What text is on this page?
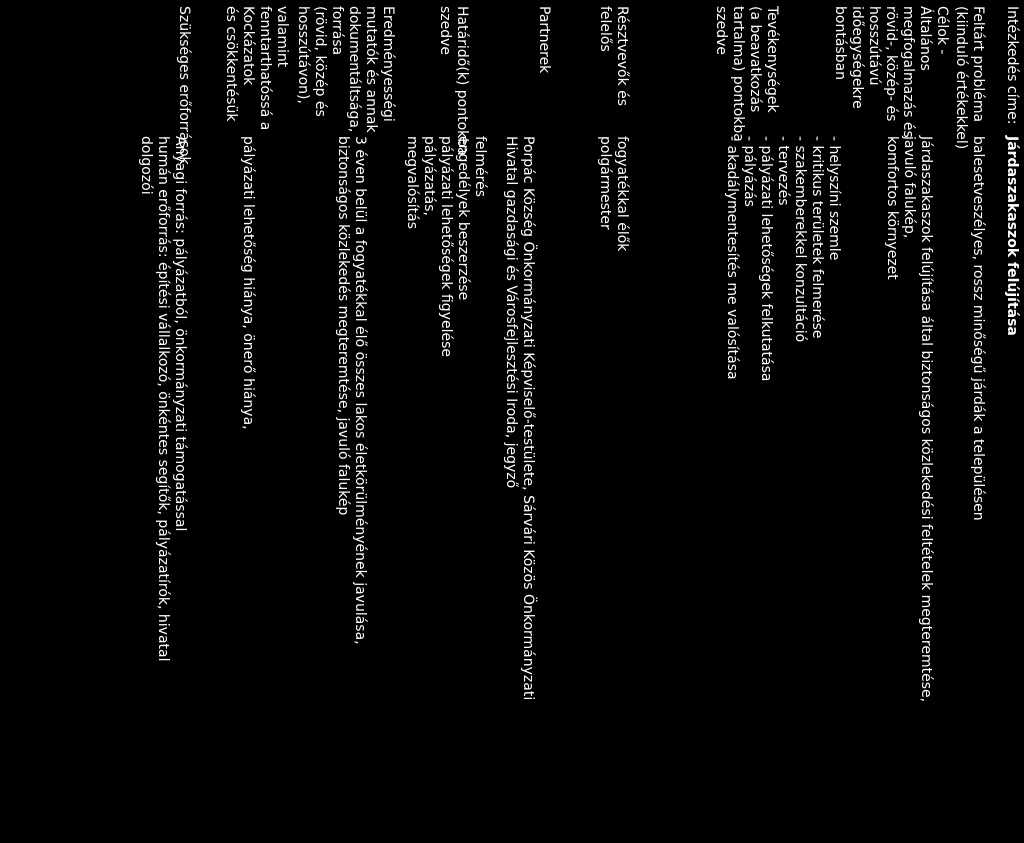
Intézkedés címe:
Járdaszakaszok felújítása
Feltárt probléma
(kiinduló értékekkel)
balesetveszélyes, rossz minőségű járdák a településen
Célok -
Általános
megfogalmazás és
rövid-, közép- és
hosszútávú
időegységekre
bontásban
Járdaszakaszok felújítása által biztonságos közlekedési feltételek megteremtése,
javuló falukép,
komfortos környezet
Tevékenységek
(a beavatkozás
tartalma) pontokba
szedve
- helyszíni szemle
- kritikus területek felmerése
- szakemberekkel konzultáció
- tervezés
- pályázati lehetőségek felkutatása
- pályázás
- akadálymentesítés me valósítása
Résztvevők és
felelős
fogyatékkal élők
polgármester
Partnerek
Porpác Község Önkormányzati Képviselő-testülete, Sárvári Közös Önkormányzati
Hivatal gazdasági és Városfejlesztési Iroda, jegyző
Határidő(k) pontokba
szedve
felmérés
engedélyek beszerzése
pályázati lehetőségek figyelése
pályázatás,
megvalósítás
Eredményességi
mutatók és annak
dokumentáltsága,
forrása
(rövid, közép és
hosszútávon),
3 éven belül a fogyatékkal élő összes lakos életkörülményének javulása,
biztonságos közlekedés megteremtése, javuló falukép
valamint
fenntarthatóssá a
Kockázatok
és csökkentésük
pályázati lehetőség hiánya, önerő hiánya,
Szükséges erőforrások
Anyagi forrás: pályázatból, önkormányzati támogatással
humán erőforrás: építési vállalkozó, önkéntes segítők, pályázatírók, hivatal
dolgozói
